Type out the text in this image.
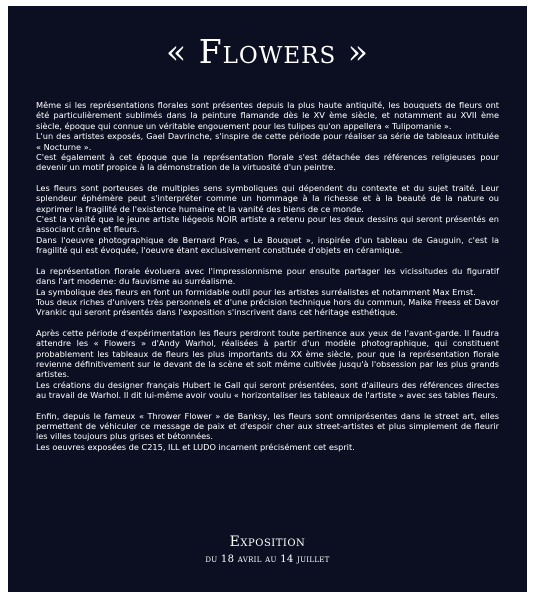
« Flowers »

Même si les représentations florales sont présentes depuis la plus haute antiquité, les bouquets de fleurs ont été particulièrement sublimés dans la peinture flamande dès le XV ème siècle, et notamment au XVII ème siècle, époque qui connue un véritable engouement pour les tulipes qu'on appellera « Tulipomanie ».
L'un des artistes exposés, Gael Davrinche, s'inspire de cette période pour réaliser sa série de tableaux intitulée « Nocturne ».
C'est également à cet époque que la représentation florale s'est détachée des références religieuses pour devenir un motif propice à la démonstration de la virtuosité d'un peintre.

Les fleurs sont porteuses de multiples sens symboliques qui dépendent du contexte et du sujet traité. Leur splendeur éphémère peut s'interpréter comme un hommage à la richesse et à la beauté de la nature ou exprimer la fragilité de l'existence humaine et la vanité des biens de ce monde.
C'est la vanité que le jeune artiste liégeois NOIR artiste a retenu pour les deux dessins qui seront présentés en associant crâne et fleurs.
Dans l'oeuvre photographique de Bernard Pras, « Le Bouquet », inspirée d'un tableau de Gauguin, c'est la fragilité qui est évoquée, l'oeuvre étant exclusivement constituée d'objets en céramique.

La représentation florale évoluera avec l'impressionnisme pour ensuite partager les vicissitudes du figuratif dans l'art moderne: du fauvisme au surréalisme.
La symbolique des fleurs en font un formidable outil pour les artistes surréalistes et notamment Max Ernst.
Tous deux riches d'univers très personnels et d'une précision technique hors du commun, Maike Freess et Davor Vrankic qui seront présentés dans l'exposition s'inscrivent dans cet héritage esthétique.

Après cette période d'expérimentation les fleurs perdront toute pertinence aux yeux de l'avant-garde. Il faudra attendre les « Flowers » d'Andy Warhol, réalisées à partir d'un modèle photographique, qui constituent probablement les tableaux de fleurs les plus importants du XX ème siècle, pour que la représentation florale revienne définitivement sur le devant de la scène et soit même cultivée jusqu'à l'obsession par les plus grands artistes.
Les créations du designer français Hubert le Gall qui seront présentées, sont d'ailleurs des références directes au travail de Warhol. Il dit lui-même avoir voulu « horizontaliser les tableaux de l'artiste » avec ses tables fleurs.

Enfin, depuis le fameux « Thrower Flower » de Banksy, les fleurs sont omniprésentes dans le street art, elles permettent de véhiculer ce message de paix et d'espoir cher aux street-artistes et plus simplement de fleurir les villes toujours plus grises et bétonnées.
Les oeuvres exposées de C215, ILL et LUDO incarnent précisément cet esprit.

Exposition
du 18 avril au 14 juillet
